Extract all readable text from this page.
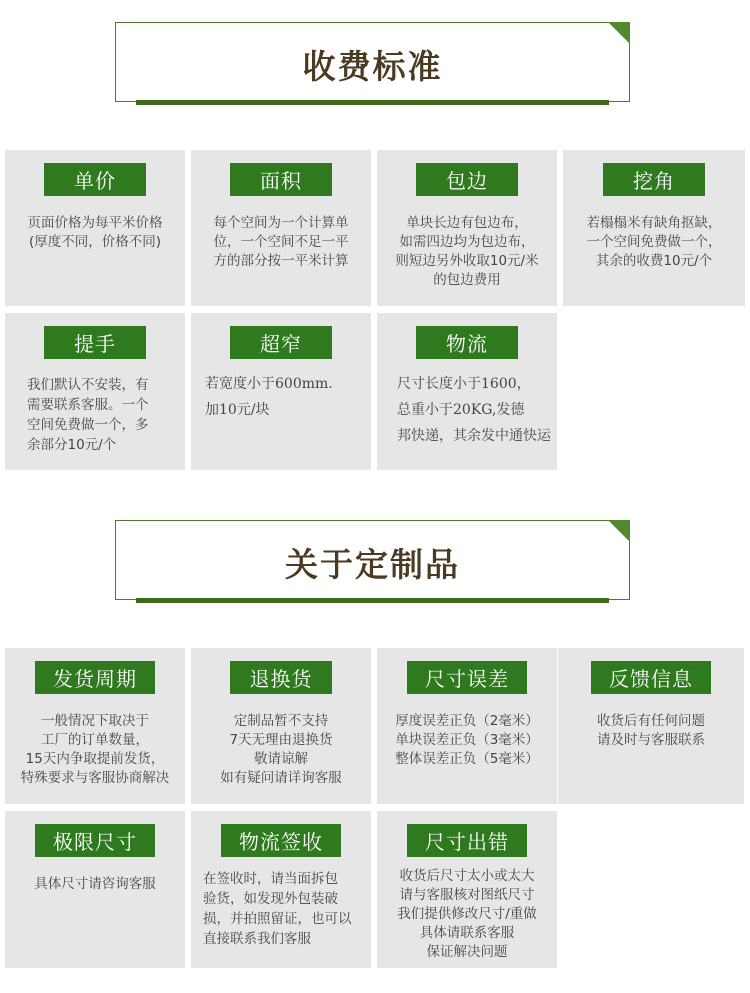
收费标准
单价
页面价格为每平米价格
(厚度不同，价格不同)
面积
每个空间为一个计算单
位，一个空间不足一平
方的部分按一平米计算
包边
单块长边有包边布，
如需四边均为包边布，
则短边另外收取10元/米
的包边费用
挖角
若榻榻米有缺角抠缺，
一个空间免费做一个，
其余的收费10元/个
提手
我们默认不安装，有
需要联系客服。一个
空间免费做一个，多
余部分10元/个
超窄
若宽度小于600mm.
加10元/块
物流
尺寸长度小于1600，
总重小于20KG,发德
邦快递，其余发中通快运
关于定制品
发货周期
一般情况下取决于
工厂的订单数量，
15天内争取提前发货，
特殊要求与客服协商解决
退换货
定制品暂不支持
7天无理由退换货
敬请谅解
如有疑问请详询客服
尺寸误差
厚度误差正负（2毫米）
单块误差正负（3毫米）
整体误差正负（5毫米）
反馈信息
收货后有任何问题
请及时与客服联系
极限尺寸
具体尺寸请咨询客服
物流签收
在签收时，请当面拆包
验货，如发现外包装破
损，并拍照留证，也可以
直接联系我们客服
尺寸出错
收货后尺寸太小或太大
请与客服核对图纸尺寸
我们提供修改尺寸/重做
具体请联系客服
保证解决问题
